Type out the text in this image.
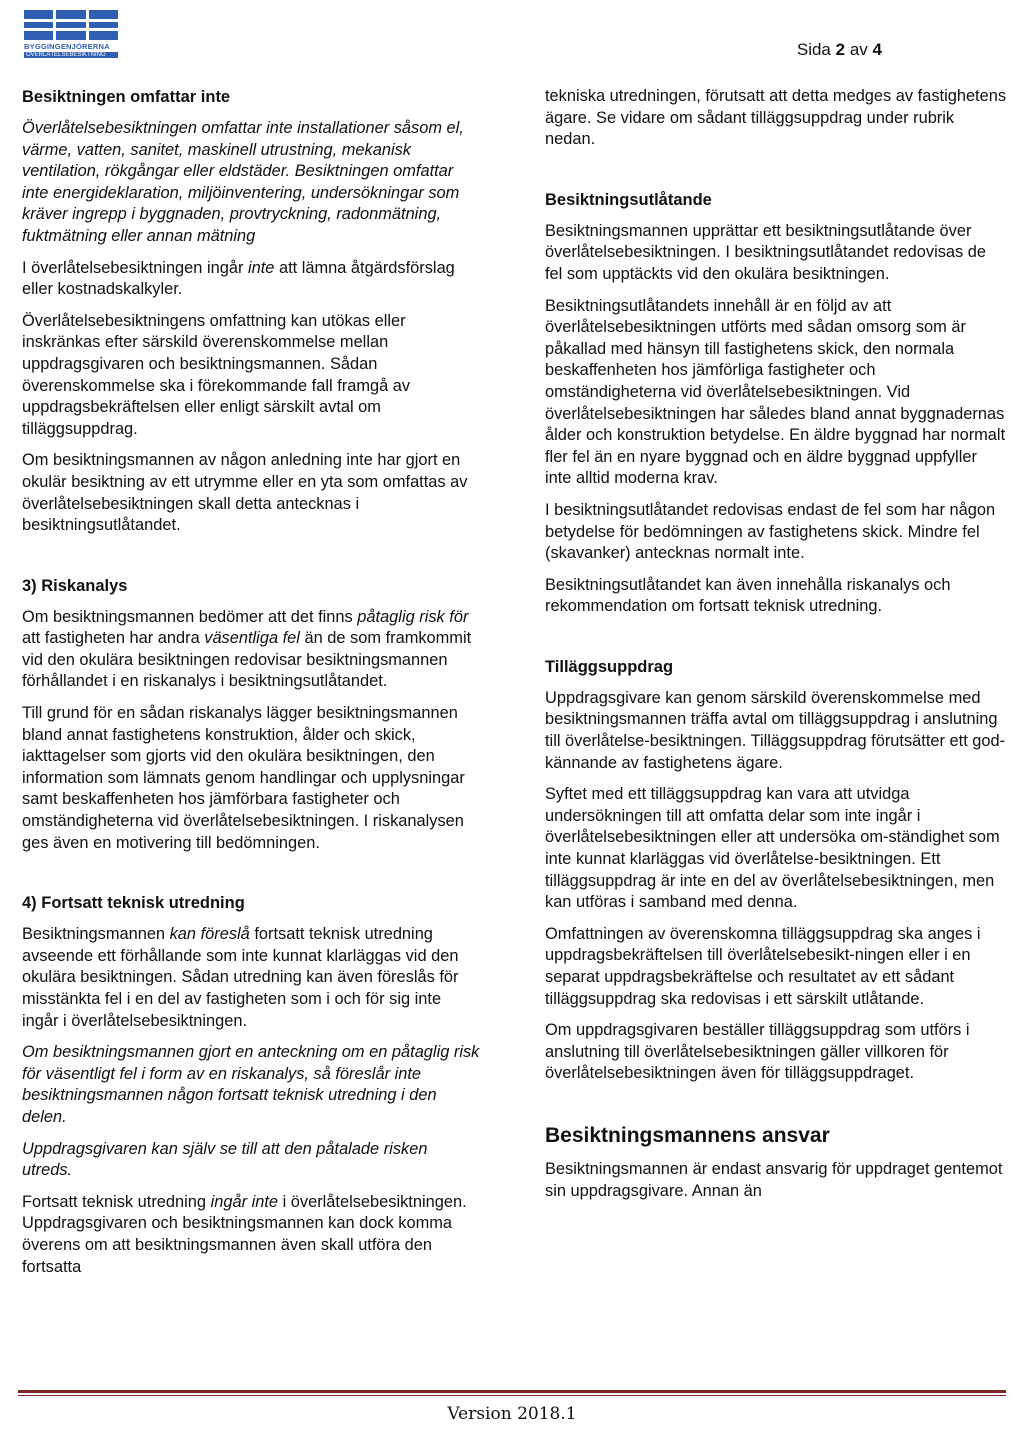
BYGGINGENJÖRERNA
ÖVERLÅTELSEBESIKTNING	Sida 2 av 4
Besiktningen omfattar inte

Överlåtelsebesiktningen omfattar inte installationer såsom el, värme, vatten, sanitet, maskinell utrustning, mekanisk ventilation, rökgångar eller eldstäder. Besiktningen omfattar inte energideklaration, miljöinventering, undersökningar som kräver ingrepp i byggnaden, provtryckning, radonmätning, fuktmätning eller annan mätning

I överlåtelsebesiktningen ingår inte att lämna åtgärdsförslag eller kostnadskalkyler.

Överlåtelsebesiktningens omfattning kan utökas eller inskränkas efter särskild överenskommelse mellan uppdragsgivaren och besiktningsmannen. Sådan överenskommelse ska i förekommande fall framgå av uppdragsbekräftelsen eller enligt särskilt avtal om tilläggsuppdrag.

Om besiktningsmannen av någon anledning inte har gjort en okulär besiktning av ett utrymme eller en yta som omfattas av överlåtelsebesiktningen skall detta antecknas i besiktningsutlåtandet.

3) Riskanalys

Om besiktningsmannen bedömer att det finns påtaglig risk för att fastigheten har andra väsentliga fel än de som framkommit vid den okulära besiktningen redovisar besiktningsmannen förhållandet i en riskanalys i besiktningsutlåtandet.

Till grund för en sådan riskanalys lägger besiktningsmannen bland annat fastighetens konstruktion, ålder och skick, iakttagelser som gjorts vid den okulära besiktningen, den information som lämnats genom handlingar och upplysningar samt beskaffenheten hos jämförbara fastigheter och omständigheterna vid överlåtelsebesiktningen. I riskanalysen ges även en motivering till bedömningen.

4) Fortsatt teknisk utredning

Besiktningsmannen kan föreslå fortsatt teknisk utredning avseende ett förhållande som inte kunnat klarläggas vid den okulära besiktningen. Sådan utredning kan även föreslås för misstänkta fel i en del av fastigheten som i och för sig inte ingår i överlåtelsebesiktningen.

Om besiktningsmannen gjort en anteckning om en påtaglig risk för väsentligt fel i form av en riskanalys, så föreslår inte besiktningsmannen någon fortsatt teknisk utredning i den delen.

Uppdragsgivaren kan själv se till att den påtalade risken utreds.

Fortsatt teknisk utredning ingår inte i överlåtelsebesiktningen. Uppdragsgivaren och besiktningsmannen kan dock komma överens om att besiktningsmannen även skall utföra den fortsatta

tekniska utredningen, förutsatt att detta medges av fastighetens ägare. Se vidare om sådant tilläggsuppdrag under rubrik nedan.

Besiktningsutlåtande

Besiktningsmannen upprättar ett besiktningsutlåtande över överlåtelsebesiktningen. I besiktningsutlåtandet redovisas de fel som upptäckts vid den okulära besiktningen.

Besiktningsutlåtandets innehåll är en följd av att överlåtelsebesiktningen utförts med sådan omsorg som är påkallad med hänsyn till fastighetens skick, den normala beskaffenheten hos jämförliga fastigheter och omständigheterna vid överlåtelsebesiktningen. Vid överlåtelsebesiktningen har således bland annat byggnadernas ålder och konstruktion betydelse. En äldre byggnad har normalt fler fel än en nyare byggnad och en äldre byggnad uppfyller inte alltid moderna krav.

I besiktningsutlåtandet redovisas endast de fel som har någon betydelse för bedömningen av fastighetens skick. Mindre fel (skavanker) antecknas normalt inte.

Besiktningsutlåtandet kan även innehålla riskanalys och rekommendation om fortsatt teknisk utredning.

Tilläggsuppdrag

Uppdragsgivare kan genom särskild överenskommelse med besiktningsmannen träffa avtal om tilläggsuppdrag i anslutning till överlåtelse-besiktningen. Tilläggsuppdrag förutsätter ett god-kännande av fastighetens ägare.

Syftet med ett tilläggsuppdrag kan vara att utvidga undersökningen till att omfatta delar som inte ingår i överlåtelsebesiktningen eller att undersöka om-ständighet som inte kunnat klarläggas vid överlåtelse-besiktningen. Ett tilläggsuppdrag är inte en del av överlåtelsebesiktningen, men kan utföras i samband med denna.

Omfattningen av överenskomna tilläggsuppdrag ska anges i uppdragsbekräftelsen till överlåtelsebesikt-ningen eller i en separat uppdragsbekräftelse och resultatet av ett sådant tilläggsuppdrag ska redovisas i ett särskilt utlåtande.

Om uppdragsgivaren beställer tilläggsuppdrag som utförs i anslutning till överlåtelsebesiktningen gäller villkoren för överlåtelsebesiktningen även för tilläggsuppdraget.

Besiktningsmannens ansvar

Besiktningsmannen är endast ansvarig för uppdraget gentemot sin uppdragsgivare. Annan än

Version 2018.1
